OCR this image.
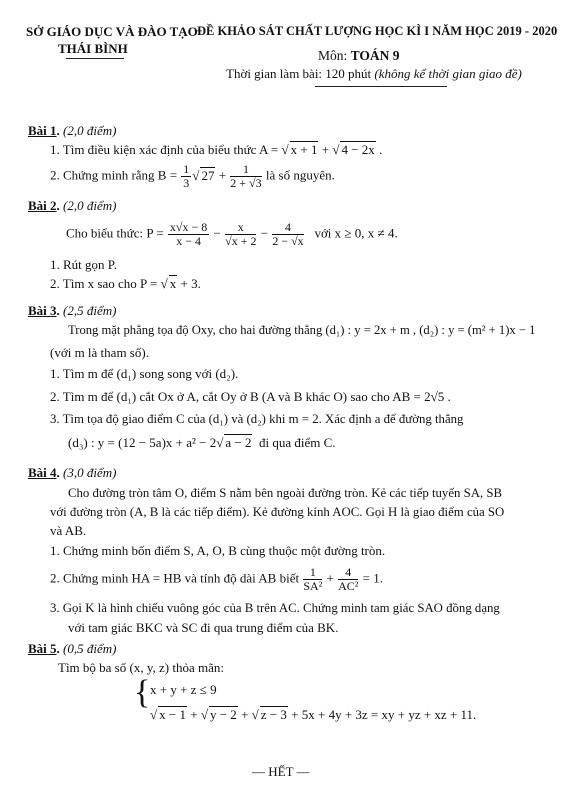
SỞ GIÁO DỤC VÀ ĐÀO TẠO
THÁI BÌNH
ĐỀ KHẢO SÁT CHẤT LƯỢNG HỌC KÌ I NĂM HỌC 2019 - 2020
Môn: TOÁN 9
Thời gian làm bài: 120 phút (không kể thời gian giao đề)
Bài 1. (2,0 điểm)
1. Tìm điều kiện xác định của biểu thức A = √ x + 1 + √ 4 − 2x .
2. Chứng minh rằng $B = \frac{1}{3}$ √ $27 + \frac{1}{2 + √3}$ là số nguyên.
Bài 2. (2,0 điểm)
Cho biểu thức: $P = \frac{x√x - 8}{x - 4} - \frac{x}{√x + 2} - \frac{4}{2 - √x}$ với x ≥ 0, x ≠ 4.
1. Rút gọn P.
2. Tìm x sao cho P = √ x + 3.
Bài 3. (2,5 điểm)
Trong mặt phẳng tọa độ Oxy, cho hai đường thẳng (d₁) : y = 2x + m , (d₂) : y = (m² + 1)x − 1
(với m là tham số).
1. Tìm m để (d₁) song song với (d₂).
2. Tìm m để (d₁) cắt Ox ở A, cắt Oy ở B (A và B khác O) sao cho AB = 2√5 .
3. Tìm tọa độ giao điểm C của (d₁) và (d₂) khi m = 2. Xác định a để đường thẳng
(d₃) : y = (12 − 5a)x + a² − 2√ a − 2 đi qua điểm C.
Bài 4. (3,0 điểm)
Cho đường tròn tâm O, điểm S nằm bên ngoài đường tròn. Kẻ các tiếp tuyến SA, SB
với đường tròn (A, B là các tiếp điểm). Kẻ đường kính AOC. Gọi H là giao điểm của SO
và AB.
1. Chứng minh bốn điểm S, A, O, B cùng thuộc một đường tròn.
2. Chứng minh HA = HB và tính độ dài AB biết $\frac{1}{\text{SA²}} + \frac{4}{\text{AC²}} = 1$.
3. Gọi K là hình chiếu vuông góc của B trên AC. Chứng minh tam giác SAO đồng dạng
với tam giác BKC và SC đi qua trung điểm của BK.
Bài 5. (0,5 điểm)
Tìm bộ ba số (x, y, z) thỏa mãn:
{ x + y + z ≤ 9
√ x − 1 + √ y − 2 + √ z − 3 + 5x + 4y + 3z = xy + yz + xz + 11.
— HẾT —
